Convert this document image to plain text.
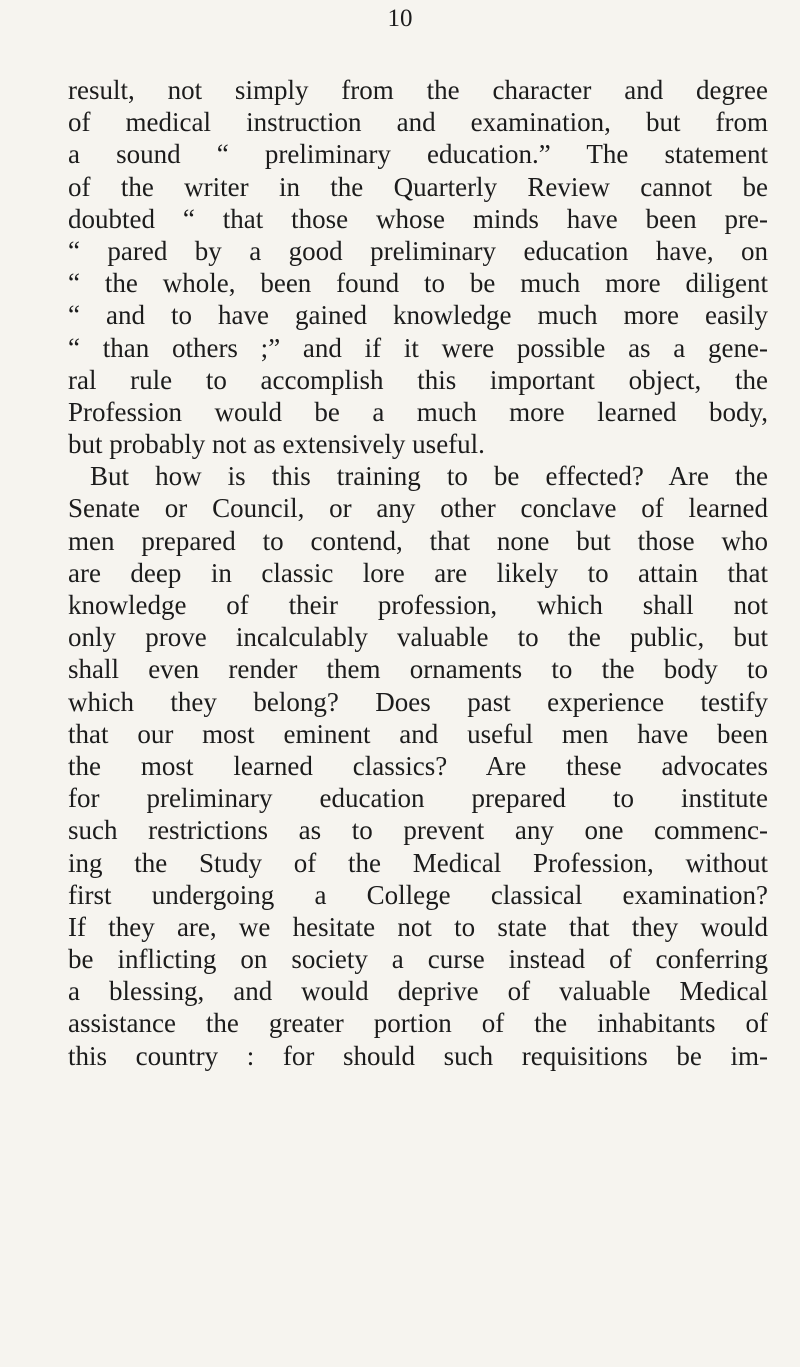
10
result, not simply from the character and degree
of medical instruction and examination, but from
a sound “ preliminary education.” The statement
of the writer in the Quarterly Review cannot be
doubted “ that those whose minds have been pre-
“ pared by a good preliminary education have, on
“ the whole, been found to be much more diligent
“ and to have gained knowledge much more easily
“ than others ;” and if it were possible as a gene-
ral rule to accomplish this important object, the
Profession would be a much more learned body,
but probably not as extensively useful.
But how is this training to be effected? Are the
Senate or Council, or any other conclave of learned
men prepared to contend, that none but those who
are deep in classic lore are likely to attain that
knowledge of their profession, which shall not
only prove incalculably valuable to the public, but
shall even render them ornaments to the body to
which they belong? Does past experience testify
that our most eminent and useful men have been
the most learned classics? Are these advocates
for preliminary education prepared to institute
such restrictions as to prevent any one commenc-
ing the Study of the Medical Profession, without
first undergoing a College classical examination?
If they are, we hesitate not to state that they would
be inflicting on society a curse instead of conferring
a blessing, and would deprive of valuable Medical
assistance the greater portion of the inhabitants of
this country : for should such requisitions be im-
